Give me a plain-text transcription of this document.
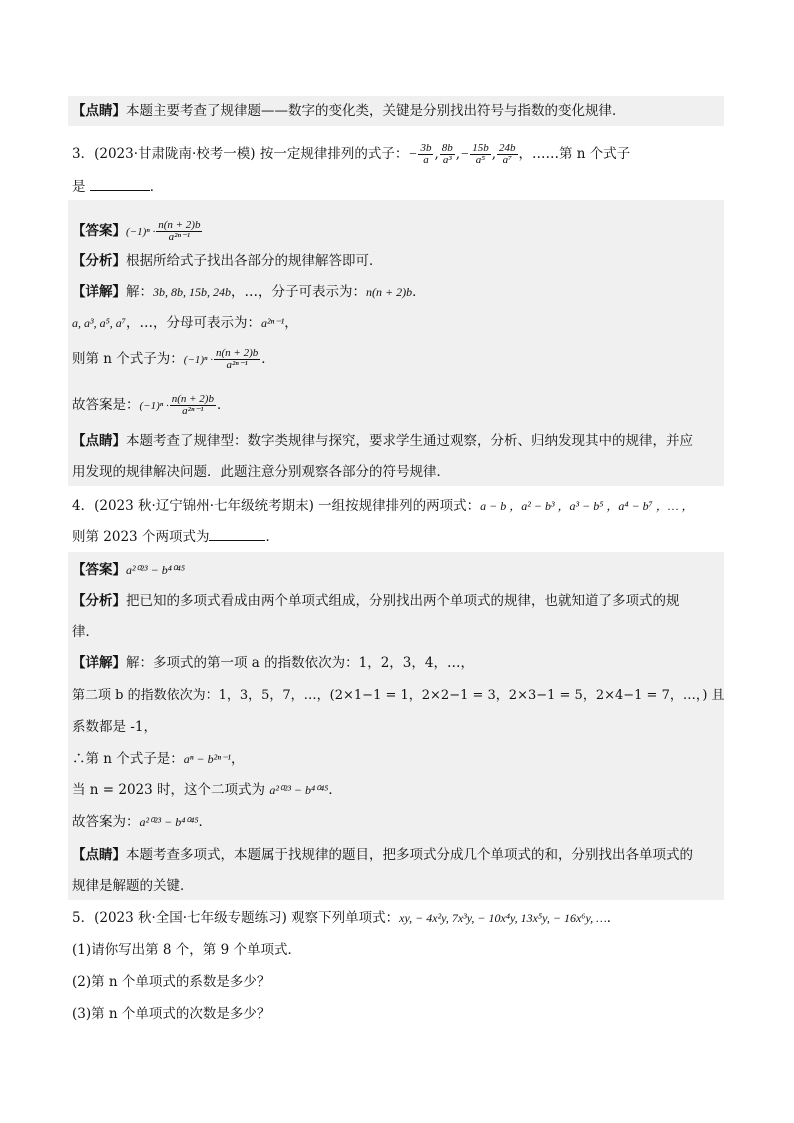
【点睛】本题主要考查了规律题——数字的变化类，关键是分别找出符号与指数的变化规律．
3．(2023·甘肃陇南·校考一模) 按一定规律排列的式子：− $\frac{3b}{a}$ , $\frac{8b}{\text{a³}}$ ,− $\frac{15b}{\text{a⁵}}$ , $\frac{24b}{\text{a⁷}}$ ，……第 n 个式子
是	．
【答案】$(-1)^n \cdot \frac{n(n + 2)b}{\text{a²ⁿ⁻¹}}$
【分析】根据所给式子找出各部分的规律解答即可．
【详解】解：3b, 8b, 15b, 24b，…，分子可表示为：n(n + 2)b．
a, a³, a⁵, a⁷，…，分母可表示为：a²ⁿ⁻¹，
则第 n 个式子为：$(-1)^n \cdot \frac{n(n + 2)b}{\text{a²ⁿ⁻¹}}$ ．
故答案是：$(-1)^n \cdot \frac{n(n + 2)b}{\text{a²ⁿ⁻¹}}$ ．
【点睛】本题考查了规律型：数字类规律与探究，要求学生通过观察，分析、归纳发现其中的规律，并应
用发现的规律解决问题．此题注意分别观察各部分的符号规律．
4．(2023 秋·辽宁锦州·七年级统考期末) 一组按规律排列的两项式：a − b ，a² − b³ ，a³ − b⁵ ，a⁴ − b⁷ ，… ，
则第 2023 个两项式为	．
【答案】a²⁰²³ − b⁴⁰⁴⁵
【分析】把已知的多项式看成由两个单项式组成，分别找出两个单项式的规律，也就知道了多项式的规
律．
【详解】解：多项式的第一项 a 的指数依次为：1，2，3，4，…，
第二项 b 的指数依次为：1，3，5，7，…，(2×1−1 = 1，2×2−1 = 3，2×3−1 = 5，2×4−1 = 7，…，) 且
系数都是 -1，
∴第 n 个式子是：aⁿ − b²ⁿ⁻¹，
当 n = 2023 时，这个二项式为 a²⁰²³ − b⁴⁰⁴⁵．
故答案为：a²⁰²³ − b⁴⁰⁴⁵．
【点睛】本题考查多项式，本题属于找规律的题目，把多项式分成几个单项式的和，分别找出各单项式的
规律是解题的关键．
5．(2023 秋·全国·七年级专题练习) 观察下列单项式：xy, − 4x²y, 7x³y, − 10x⁴y, 13x⁵y, − 16x⁶y, …．
(1)请你写出第 8 个，第 9 个单项式．
(2)第 n 个单项式的系数是多少？
(3)第 n 个单项式的次数是多少？
